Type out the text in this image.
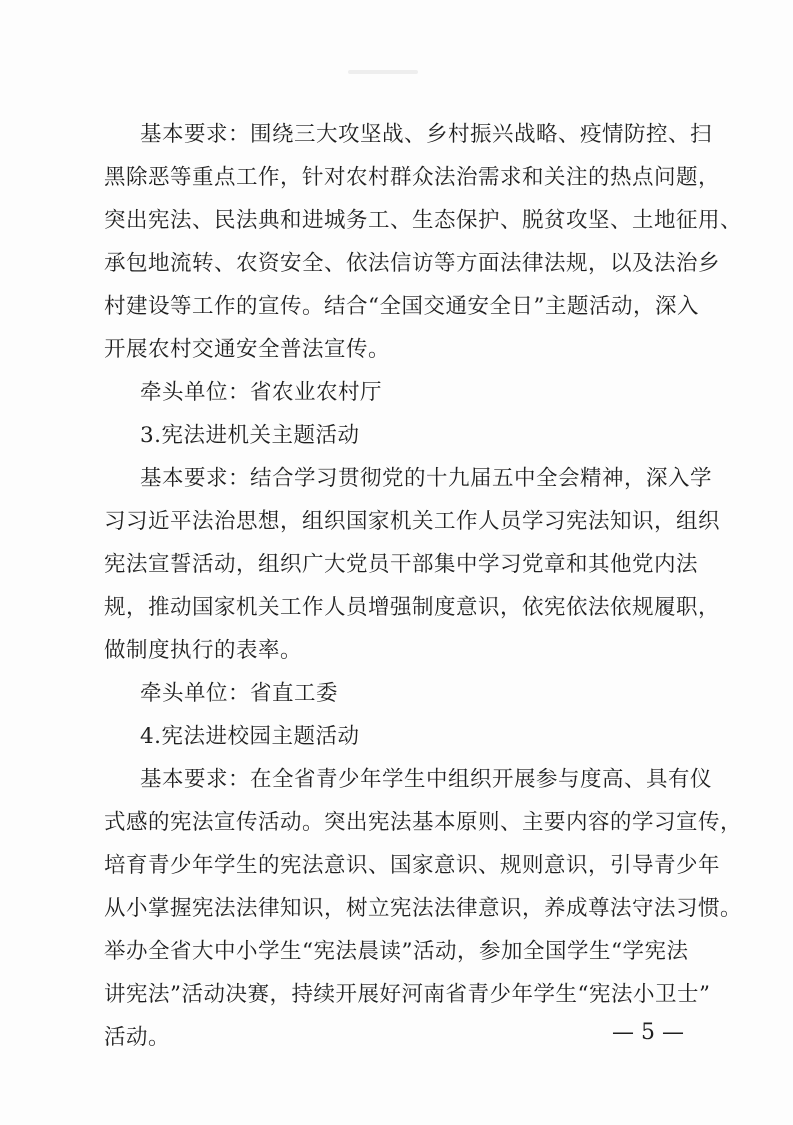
基本要求：围绕三大攻坚战、乡村振兴战略、疫情防控、扫
黑除恶等重点工作，针对农村群众法治需求和关注的热点问题，
突出宪法、民法典和进城务工、生态保护、脱贫攻坚、土地征用、
承包地流转、农资安全、依法信访等方面法律法规，以及法治乡
村建设等工作的宣传。结合“全国交通安全日”主题活动，深入
开展农村交通安全普法宣传。
牵头单位：省农业农村厅
3.宪法进机关主题活动
基本要求：结合学习贯彻党的十九届五中全会精神，深入学
习习近平法治思想，组织国家机关工作人员学习宪法知识，组织
宪法宣誓活动，组织广大党员干部集中学习党章和其他党内法
规，推动国家机关工作人员增强制度意识，依宪依法依规履职，
做制度执行的表率。
牵头单位：省直工委
4.宪法进校园主题活动
基本要求：在全省青少年学生中组织开展参与度高、具有仪
式感的宪法宣传活动。突出宪法基本原则、主要内容的学习宣传，
培育青少年学生的宪法意识、国家意识、规则意识，引导青少年
从小掌握宪法法律知识，树立宪法法律意识，养成尊法守法习惯。
举办全省大中小学生“宪法晨读”活动，参加全国学生“学宪法
讲宪法”活动决赛，持续开展好河南省青少年学生“宪法小卫士”
活动。	— 5 —
